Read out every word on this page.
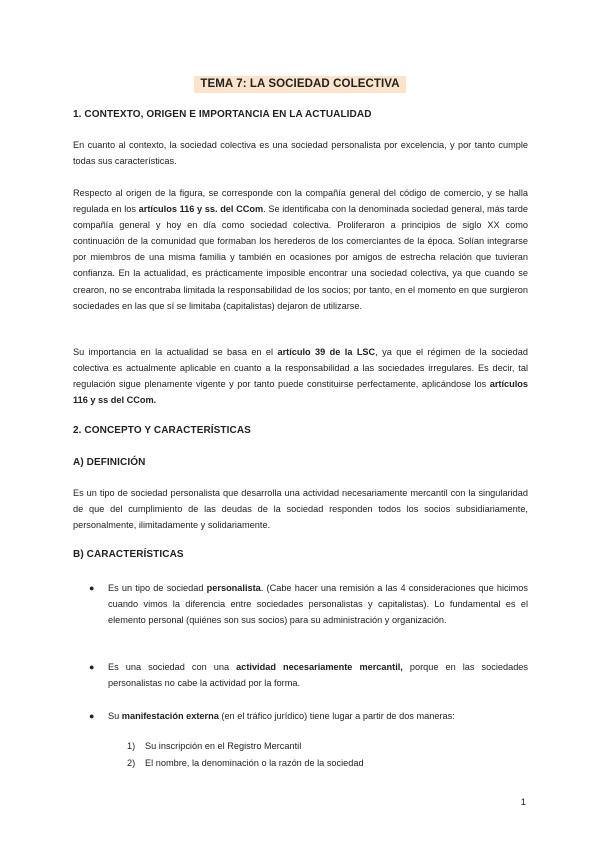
TEMA 7: LA SOCIEDAD COLECTIVA
1. CONTEXTO, ORIGEN E IMPORTANCIA EN LA ACTUALIDAD
En cuanto al contexto, la sociedad colectiva es una sociedad personalista por excelencia, y por tanto cumple todas sus características.
Respecto al origen de la figura, se corresponde con la compañía general del código de comercio, y se halla regulada en los artículos 116 y ss. del CCom. Se identificaba con la denominada sociedad general, más tarde compañía general y hoy en día como sociedad colectiva. Proliferaron a principios de siglo XX como continuación de la comunidad que formaban los herederos de los comerciantes de la época. Solían integrarse por miembros de una misma familia y también en ocasiones por amigos de estrecha relación que tuvieran confianza. En la actualidad, es prácticamente imposible encontrar una sociedad colectiva, ya que cuando se crearon, no se encontraba limitada la responsabilidad de los socios; por tanto, en el momento en que surgieron sociedades en las que sí se limitaba (capitalistas) dejaron de utilizarse.
Su importancia en la actualidad se basa en el artículo 39 de la LSC, ya que el régimen de la sociedad colectiva es actualmente aplicable en cuanto a la responsabilidad a las sociedades irregulares. Es decir, tal regulación sigue plenamente vigente y por tanto puede constituirse perfectamente, aplicándose los artículos 116 y ss del CCom.
2. CONCEPTO Y CARACTERÍSTICAS
A) DEFINICIÓN
Es un tipo de sociedad personalista que desarrolla una actividad necesariamente mercantil con la singularidad de que del cumplimiento de las deudas de la sociedad responden todos los socios subsidiariamente, personalmente, ilimitadamente y solidariamente.
B) CARACTERÍSTICAS
● Es un tipo de sociedad personalista. (Cabe hacer una remisión a las 4 consideraciones que hicimos cuando vimos la diferencia entre sociedades personalistas y capitalistas). Lo fundamental es el elemento personal (quiénes son sus socios) para su administración y organización.
● Es una sociedad con una actividad necesariamente mercantil, porque en las sociedades personalistas no cabe la actividad por la forma.
● Su manifestación externa (en el tráfico jurídico) tiene lugar a partir de dos maneras:
1) Su inscripción en el Registro Mercantil
2) El nombre, la denominación o la razón de la sociedad
1
